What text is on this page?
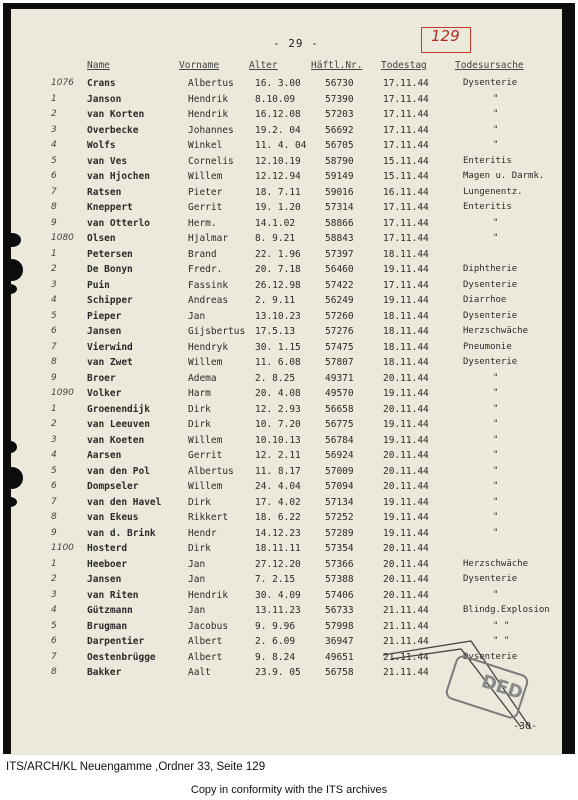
- 29 -	129
Name	Vorname	Alter	Häftl.Nr. Todestag	Todesursache
1076 Crans	Albertus 16. 3.00	56730	17.11.44	Dysenterie
1	Janson	Hendrik	8.10.09	57390	17.11.44	"
2	van Korten	Hendrik	16.12.08	57203	17.11.44	"
3	Overbecke	Johannes 19.2. 04	56692	17.11.44	"
4	Wolfs	Winkel	11. 4. 04 56705	17.11.44	"
5	van Ves	Cornelis 12.10.19	58790	15.11.44	Enteritis
6	van Hjochen	Willem	12.12.94	59149	15.11.44	Magen u. Darmk.
7	Ratsen	Pieter	18. 7.11	59016	16.11.44	Lungenentz.
8	Kneppert	Gerrit	19. 1.20	57314	17.11.44	Enteritis
9	van Otterlo	Herm.	14.1.02	58866	17.11.44	"
1080 Olsen	Hjalmar	8. 9.21	58843	17.11.44	"
1	Petersen	Brand	22. 1.96	57397	18.11.44
2	De Bonyn	Fredr.	20. 7.18	56460	19.11.44	Diphtherie
3	Puin	Fassink	26.12.98	57422	17.11.44	Dysenterie
4	Schipper	Andreas	2. 9.11	56249	19.11.44	Diarrhoe
5	Pieper	Jan	13.10.23	57260	18.11.44	Dysenterie
6	Jansen	Gijsbertus 17.5.13	57276	18.11.44	Herzschwäche
7	Vierwind	Hendryk	30. 1.15	57475	18.11.44	Pneumonie
8	van Zwet	Willem	11. 6.08	57807	18.11.44	Dysenterie
9	Broer	Adema	2. 8.25	49371	20.11.44	"
1090 Volker	Harm	20. 4.08	49570	19.11.44	"
1	Groenendijk	Dirk	12. 2.93	56658	20.11.44	"
2	van Leeuven	Dirk	10. 7.20	56775	19.11.44	"
3	van Koeten	Willem	10.10.13	56784	19.11.44	"
4	Aarsen	Gerrit	12. 2.11	56924	20.11.44	"
5	van den Pol	Albertus 11. 8.17	57009	20.11.44	"
6	Dompseler	Willem	24. 4.04	57094	20.11.44	"
7	van den Havel	Dirk	17. 4.02	57134	19.11.44	"
8	van Ekeus	Rikkert	18. 6.22	57252	19.11.44	"
9	van d. Brink	Hendr	14.12.23	57289	19.11.44	"
1100 Hosterd	Dirk	18.11.11	57354	20.11.44
1	Heeboer	Jan	27.12.20	57366	20.11.44	Herzschwäche
2	Jansen	Jan	7. 2.15	57388	20.11.44	Dysenterie
3	van Riten	Hendrik	30. 4.09	57406	20.11.44	"
4	Gützmann	Jan	13.11.23	56733	21.11.44	Blindg.Explosion
5	Brugman	Jacobus	9. 9.96	57998	21.11.44	" "
6	Darpentier	Albert	2. 6.09	36947	21.11.44	" "
7	Oestenbrügge	Albert	9. 8.24	49651	21.11.44	Dysenterie
8	Bakker	Aalt	23.9. 05	56758	21.11.44	DED
-30-
ITS/ARCH/KL Neuengamme ,Ordner 33, Seite 129
Copy in conformity with the ITS archives
